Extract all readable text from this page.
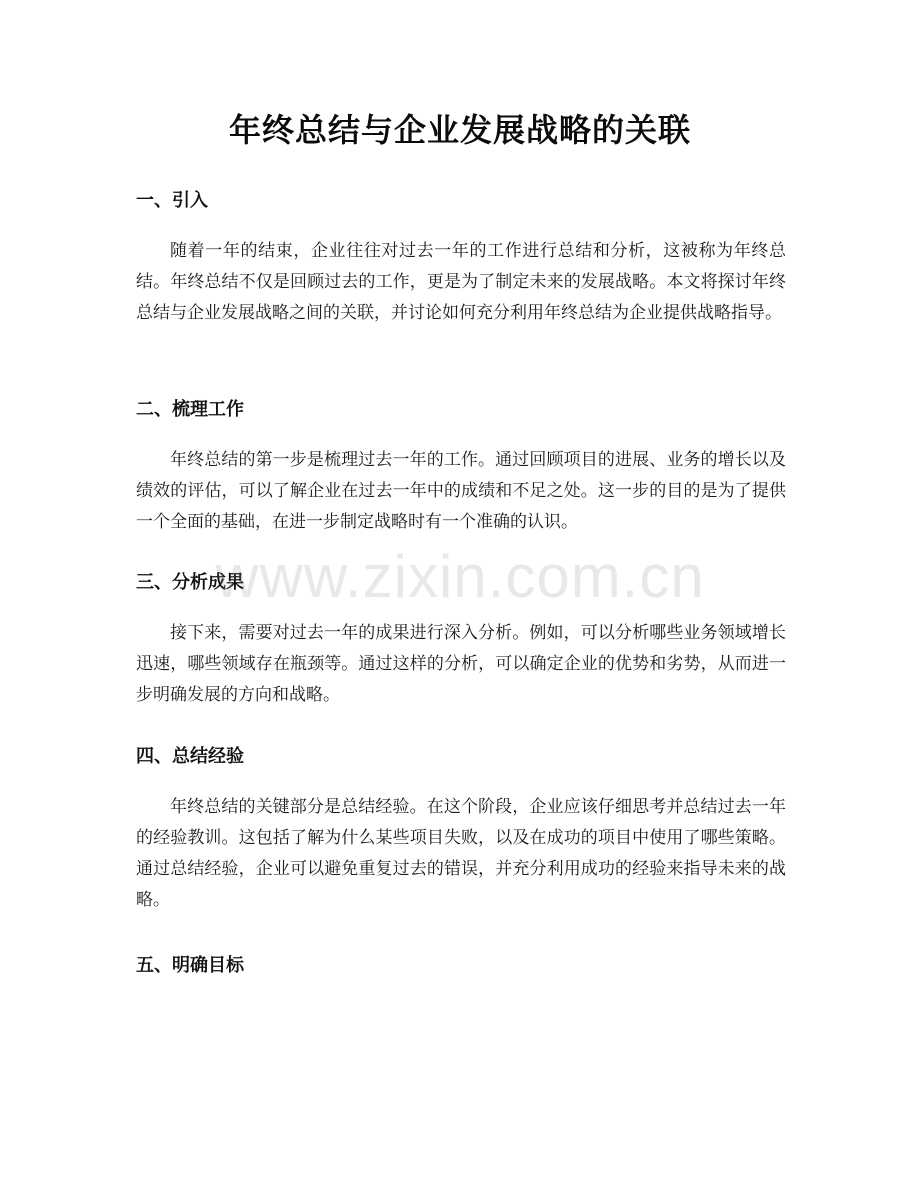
年终总结与企业发展战略的关联
一、引入
随着一年的结束，企业往往对过去一年的工作进行总结和分析，这被称为年终总结。年终总结不仅是回顾过去的工作，更是为了制定未来的发展战略。本文将探讨年终总结与企业发展战略之间的关联，并讨论如何充分利用年终总结为企业提供战略指导。
二、梳理工作
年终总结的第一步是梳理过去一年的工作。通过回顾项目的进展、业务的增长以及绩效的评估，可以了解企业在过去一年中的成绩和不足之处。这一步的目的是为了提供一个全面的基础，在进一步制定战略时有一个准确的认识。
三、分析成果
接下来，需要对过去一年的成果进行深入分析。例如，可以分析哪些业务领域增长迅速，哪些领域存在瓶颈等。通过这样的分析，可以确定企业的优势和劣势，从而进一步明确发展的方向和战略。
四、总结经验
年终总结的关键部分是总结经验。在这个阶段，企业应该仔细思考并总结过去一年的经验教训。这包括了解为什么某些项目失败，以及在成功的项目中使用了哪些策略。通过总结经验，企业可以避免重复过去的错误，并充分利用成功的经验来指导未来的战略。
五、明确目标
www.zixin.com.cn
